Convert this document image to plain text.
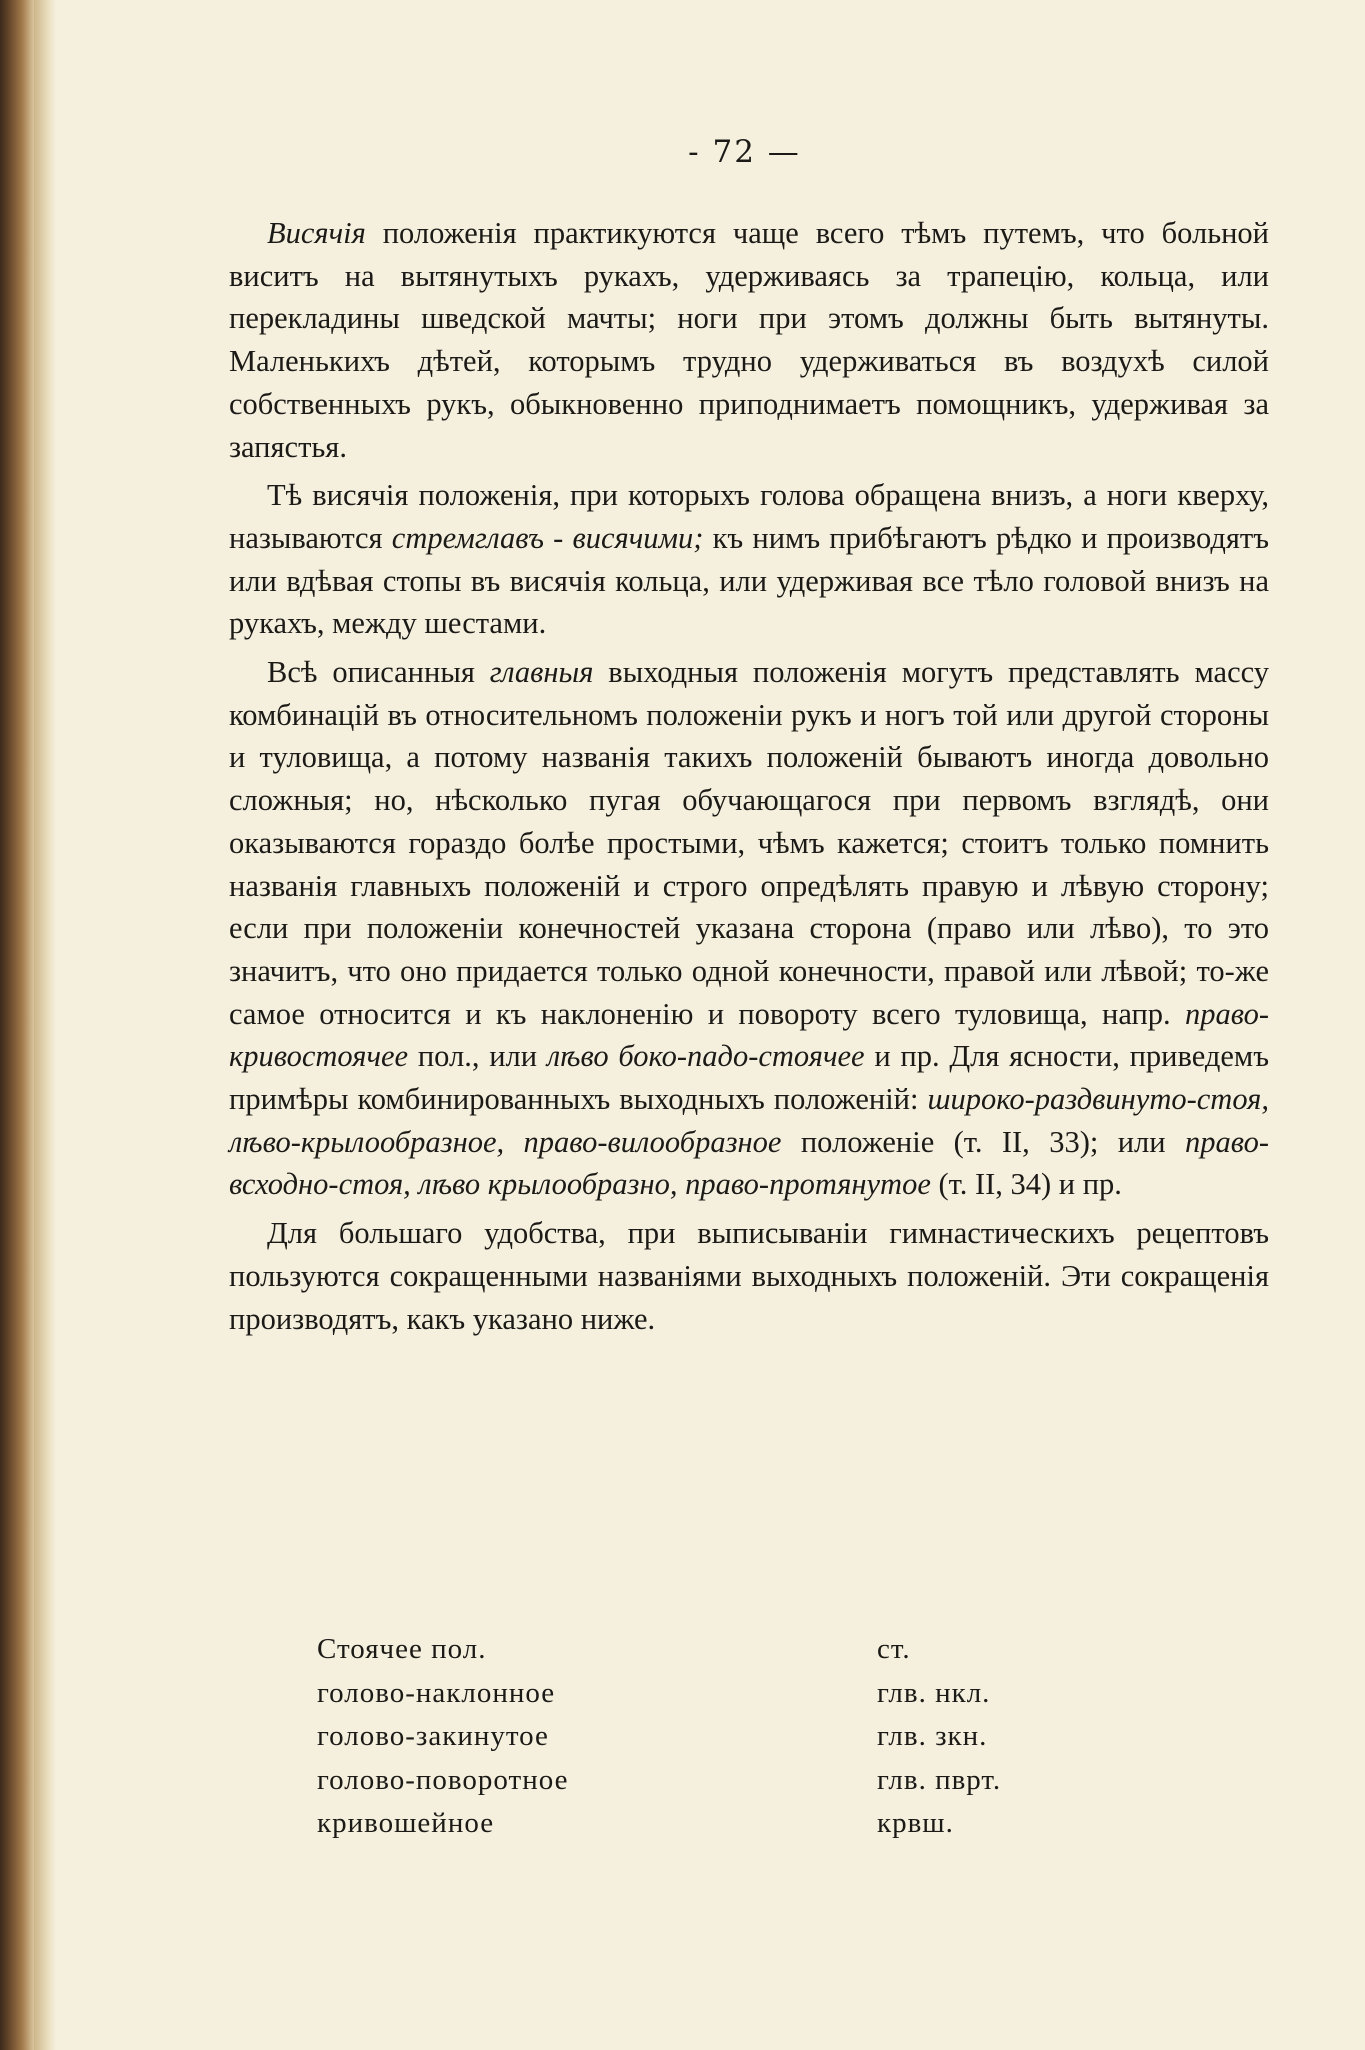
- 72 —

Висячія положенія практикуются чаще всего тѣмъ путемъ, что больной виситъ на вытянутыхъ рукахъ, удерживаясь за трапецію, кольца, или перекладины шведской мачты; ноги при этомъ должны быть вытянуты. Маленькихъ дѣтей, которымъ трудно удерживаться въ воздухѣ силой собственныхъ рукъ, обыкновенно приподнимаетъ помощникъ, удерживая за запястья.

Тѣ висячія положенія, при которыхъ голова обращена внизъ, а ноги кверху, называются стремглавъ - висячими; къ нимъ прибѣгаютъ рѣдко и производятъ или вдѣвая стопы въ висячія кольца, или удерживая все тѣло головой внизъ на рукахъ, между шестами.

Всѣ описанныя главныя выходныя положенія могутъ представлять массу комбинацій въ относительномъ положеніи рукъ и ногъ той или другой стороны и туловища, а потому названія такихъ положеній бываютъ иногда довольно сложныя; но, нѣсколько пугая обучающагося при первомъ взглядѣ, они оказываются гораздо болѣе простыми, чѣмъ кажется; стоитъ только помнить названія главныхъ положеній и строго опредѣлять правую и лѣвую сторону; если при положеніи конечностей указана сторона (право или лѣво), то это значитъ, что оно придается только одной конечности, правой или лѣвой; то-же самое относится и къ наклоненію и повороту всего туловища, напр. право-кривостоячее пол., или лѣво боко-падо-стоячее и пр. Для ясности, приведемъ примѣры комбинированныхъ выходныхъ положеній: широко-раздвинуто-стоя, лѣво-крылообразное, право-вилообразное положеніе (т. II, 33); или право-всходно-стоя, лѣво крылообразно, право-протянутое (т. II, 34) и пр.

Для большаго удобства, при выписываніи гимнастическихъ рецептовъ пользуются сокращенными названіями выходныхъ положеній. Эти сокращенія производятъ, какъ указано ниже.

Стоячее пол.	ст.
голово-наклонное	глв. нкл.
голово-закинутое	глв. зкн.
голово-поворотное	глв. пврт.
кривошейное	крвш.
